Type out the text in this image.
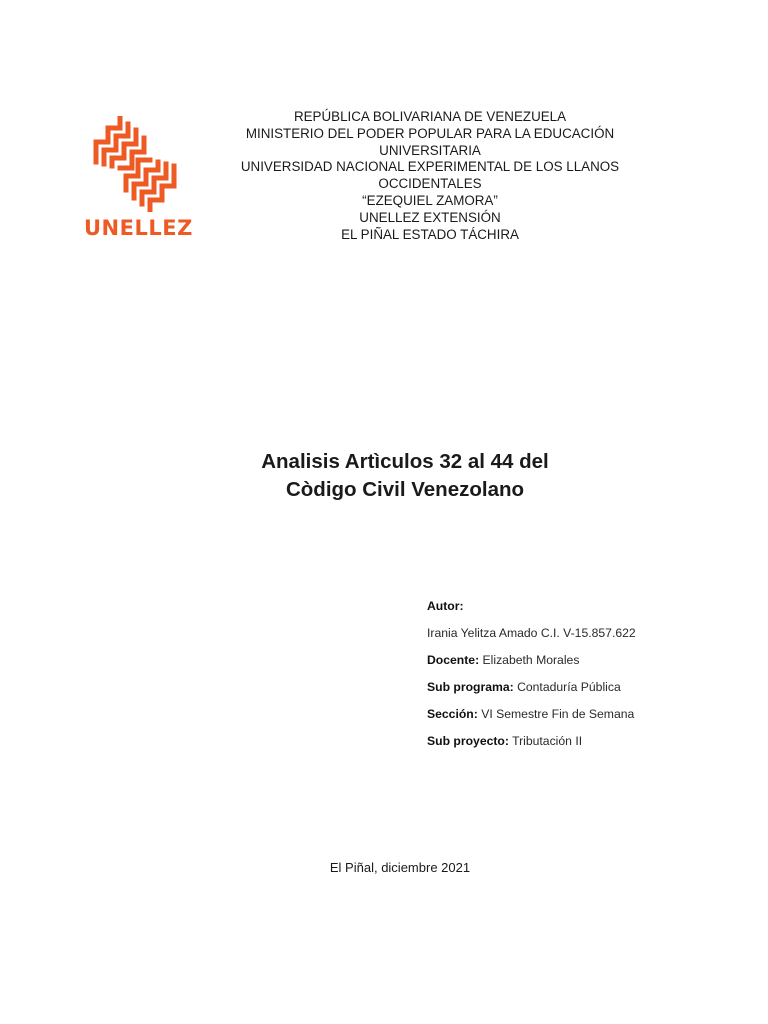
UNELLEZ
REPÚBLICA BOLIVARIANA DE VENEZUELA
MINISTERIO DEL PODER POPULAR PARA LA EDUCACIÓN
UNIVERSITARIA
UNIVERSIDAD NACIONAL EXPERIMENTAL DE LOS LLANOS
OCCIDENTALES
“EZEQUIEL ZAMORA”
UNELLEZ EXTENSIÓN
EL PIÑAL ESTADO TÁCHIRA
Analisis Artìculos 32 al 44 del
Còdigo Civil Venezolano
Autor:
Irania Yelitza Amado C.I. V-15.857.622
Docente: Elizabeth Morales
Sub programa: Contaduría Pública
Sección: VI Semestre Fin de Semana
Sub proyecto: Tributación II
El Piñal, diciembre 2021
